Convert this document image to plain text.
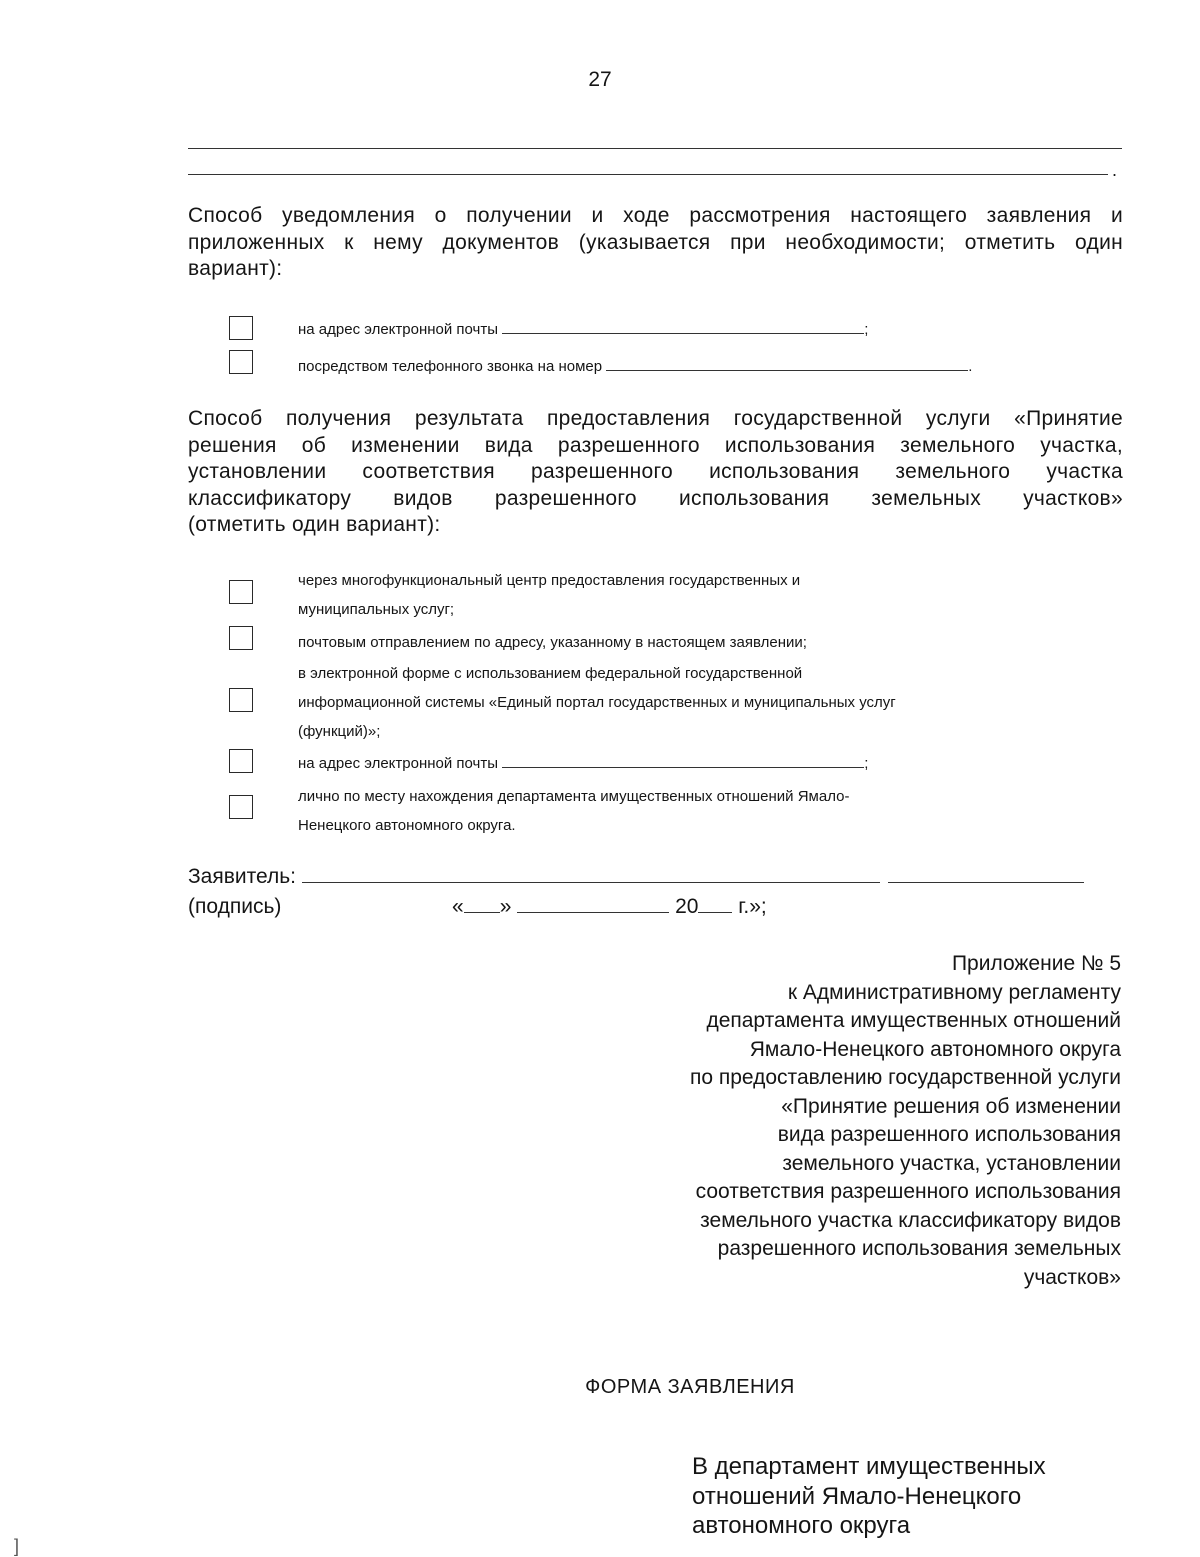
27
.
Способ уведомления о получении и ходе рассмотрения настоящего заявления и
приложенных к нему документов (указывается при необходимости; отметить один
вариант):
на адрес электронной почты	;
посредством телефонного звонка на номер	.
Способ получения результата предоставления государственной услуги «Принятие
решения об изменении вида разрешенного использования земельного участка,
установлении соответствия разрешенного использования земельного участка
классификатору видов разрешенного использования земельных участков»
(отметить один вариант):
через многофункциональный центр предоставления государственных и
муниципальных услуг;
почтовым отправлением по адресу, указанному в настоящем заявлении;
в электронной форме с использованием федеральной государственной
информационной системы «Единый портал государственных и муниципальных услуг
(функций)»;
на адрес электронной почты	;
лично по месту нахождения департамента имущественных отношений Ямало-
Ненецкого автономного округа.
Заявитель:
(подпись)	« »	20 г.»;
Приложение № 5
к Административному регламенту
департамента имущественных отношений
Ямало-Ненецкого автономного округа
по предоставлению государственной услуги
«Принятие решения об изменении
вида разрешенного использования
земельного участка, установлении
соответствия разрешенного использования
земельного участка классификатору видов
разрешенного использования земельных
участков»
ФОРМА ЗАЯВЛЕНИЯ
В департамент имущественных
отношений Ямало-Ненецкого
автономного округа
]
